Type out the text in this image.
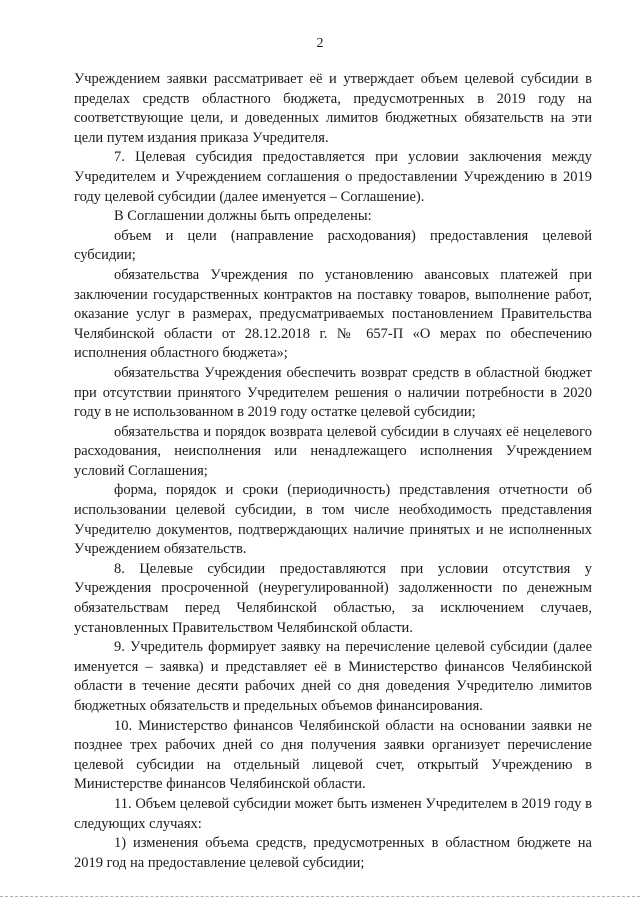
2

Учреждением заявки рассматривает её и утверждает объем целевой субсидии в пределах средств областного бюджета, предусмотренных в 2019 году на соответствующие цели, и доведенных лимитов бюджетных обязательств на эти цели путем издания приказа Учредителя.

7. Целевая субсидия предоставляется при условии заключения между Учредителем и Учреждением соглашения о предоставлении Учреждению в 2019 году целевой субсидии (далее именуется – Соглашение).

В Соглашении должны быть определены:

объем и цели (направление расходования) предоставления целевой субсидии;

обязательства Учреждения по установлению авансовых платежей при заключении государственных контрактов на поставку товаров, выполнение работ, оказание услуг в размерах, предусматриваемых постановлением Правительства Челябинской области от 28.12.2018 г. № 657-П «О мерах по обеспечению исполнения областного бюджета»;

обязательства Учреждения обеспечить возврат средств в областной бюджет при отсутствии принятого Учредителем решения о наличии потребности в 2020 году в не использованном в 2019 году остатке целевой субсидии;

обязательства и порядок возврата целевой субсидии в случаях её нецелевого расходования, неисполнения или ненадлежащего исполнения Учреждением условий Соглашения;

форма, порядок и сроки (периодичность) представления отчетности об использовании целевой субсидии, в том числе необходимость представления Учредителю документов, подтверждающих наличие принятых и не исполненных Учреждением обязательств.

8. Целевые субсидии предоставляются при условии отсутствия у Учреждения просроченной (неурегулированной) задолженности по денежным обязательствам перед Челябинской областью, за исключением случаев, установленных Правительством Челябинской области.

9. Учредитель формирует заявку на перечисление целевой субсидии (далее именуется – заявка) и представляет её в Министерство финансов Челябинской области в течение десяти рабочих дней со дня доведения Учредителю лимитов бюджетных обязательств и предельных объемов финансирования.

10. Министерство финансов Челябинской области на основании заявки не позднее трех рабочих дней со дня получения заявки организует перечисление целевой субсидии на отдельный лицевой счет, открытый Учреждению в Министерстве финансов Челябинской области.

11. Объем целевой субсидии может быть изменен Учредителем в 2019 году в следующих случаях:

1) изменения объема средств, предусмотренных в областном бюджете на 2019 год на предоставление целевой субсидии;
